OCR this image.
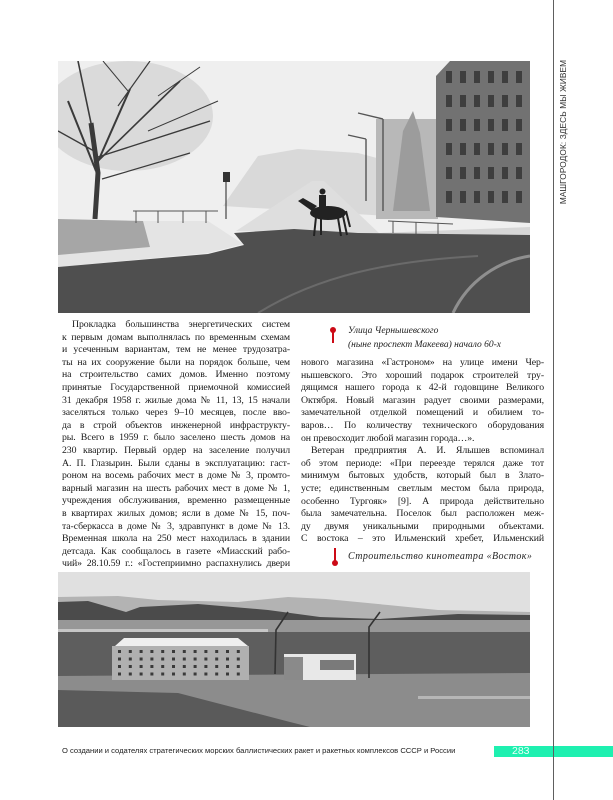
Улица Чернышевского
(ныне проспект Макеева) начало 60-х
Прокладка большинства энергетических систем
к первым домам выполнялась по временным схемам
и усеченным вариантам, тем не менее трудозатра-
ты на их сооружение были на порядок больше, чем
на строительство самих домов. Именно поэтому
принятые Государственной приемочной комиссией
31 декабря 1958 г. жилые дома № 11, 13, 15 начали
заселяться только через 9–10 месяцев, после вво-
да в строй объектов инженерной инфраструкту-
ры. Всего в 1959 г. было заселено шесть домов на
230 квартир. Первый ордер на заселение получил
А. П. Глазырин. Были сданы в эксплуатацию: гаст-
роном на восемь рабочих мест в доме № 3, промто-
варный магазин на шесть рабочих мест в доме № 1,
учреждения обслуживания, временно размещенные
в квартирах жилых домов; ясли в доме № 15, поч-
та-сберкасса в доме № 3, здравпункт в доме № 13.
Временная школа на 250 мест находилась в здании
детсада. Как сообщалось в газете «Миасский рабо-
чий» 28.10.59 г.: «Гостеприимно распахнулись двери
нового магазина «Гастроном» на улице имени Чер-
нышевского. Это хороший подарок строителей тру-
дящимся нашего города к 42-й годовщине Великого
Октября. Новый магазин радует своими размерами,
замечательной отделкой помещений и обилием то-
варов… По количеству технического оборудования
он превосходит любой магазин города…».
Ветеран предприятия А. И. Ялышев вспоминал
об этом периоде: «При переезде терялся даже тот
минимум бытовых удобств, который был в Злато-
усте; единственным светлым местом была природа,
особенно Тургояк» [9]. А природа действительно
была замечательна. Поселок был расположен меж-
ду двумя уникальными природными объектами.
С востока – это Ильменский хребет, Ильменский
Строительство кинотеатра «Восток»
МАШГОРОДОК: ЗДЕСЬ МЫ ЖИВЕМ
О создании и содателях стратегических морских баллистических ракет и ракетных комплексов СССР и России	283
